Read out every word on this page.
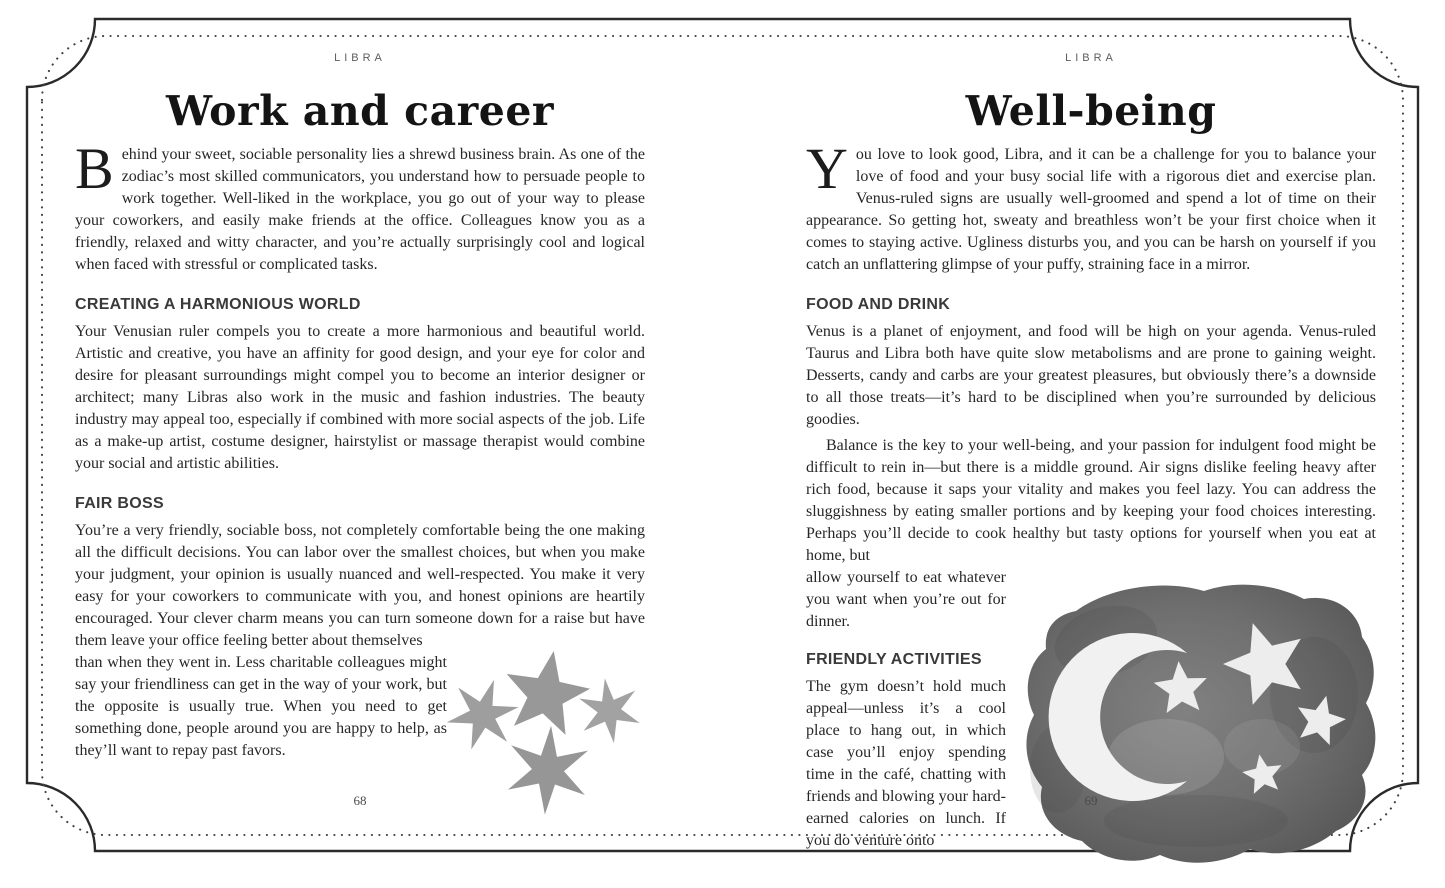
LIBRA
Work and career

Behind your sweet, sociable personality lies a shrewd business brain. As one of the zodiac’s most skilled communicators, you understand how to persuade people to work together. Well-liked in the workplace, you go out of your way to please your coworkers, and easily make friends at the office. Colleagues know you as a friendly, relaxed and witty character, and you’re actually surprisingly cool and logical when faced with stressful or complicated tasks.

CREATING A HARMONIOUS WORLD

Your Venusian ruler compels you to create a more harmonious and beautiful world. Artistic and creative, you have an affinity for good design, and your eye for color and desire for pleasant surroundings might compel you to become an interior designer or architect; many Libras also work in the music and fashion industries. The beauty industry may appeal too, especially if combined with more social aspects of the job. Life as a make-up artist, costume designer, hairstylist or massage therapist would combine your social and artistic abilities.

FAIR BOSS

You’re a very friendly, sociable boss, not completely comfortable being the one making all the difficult decisions. You can labor over the smallest choices, but when you make your judgment, your opinion is usually nuanced and well-respected. You make it very easy for your coworkers to communicate with you, and honest opinions are heartily encouraged. Your clever charm means you can turn someone down for a raise but have them leave your office feeling better about themselves

than when they went in. Less charitable colleagues might say your friendliness can get in the way of your work, but the opposite is usually true. When you need to get something done, people around you are happy to help, as they’ll want to repay past favors.

68
LIBRA
Well-being

You love to look good, Libra, and it can be a challenge for you to balance your love of food and your busy social life with a rigorous diet and exercise plan. Venus-ruled signs are usually well-groomed and spend a lot of time on their appearance. So getting hot, sweaty and breathless won’t be your first choice when it comes to staying active. Ugliness disturbs you, and you can be harsh on yourself if you catch an unflattering glimpse of your puffy, straining face in a mirror.

FOOD AND DRINK

Venus is a planet of enjoyment, and food will be high on your agenda. Venus-ruled Taurus and Libra both have quite slow metabolisms and are prone to gaining weight. Desserts, candy and carbs are your greatest pleasures, but obviously there’s a downside to all those treats—it’s hard to be disciplined when you’re surrounded by delicious goodies.

Balance is the key to your well-being, and your passion for indulgent food might be difficult to rein in—but there is a middle ground. Air signs dislike feeling heavy after rich food, because it saps your vitality and makes you feel lazy. You can address the sluggishness by eating smaller portions and by keeping your food choices interesting. Perhaps you’ll decide to cook healthy but tasty options for yourself when you eat at home, but

allow yourself to eat whatever you want when you’re out for dinner.

FRIENDLY ACTIVITIES

The gym doesn’t hold much appeal—unless it’s a cool place to hang out, in which case you’ll enjoy spending time in the café, chatting with friends and blowing your hard-earned calories on lunch. If you do venture onto

69
